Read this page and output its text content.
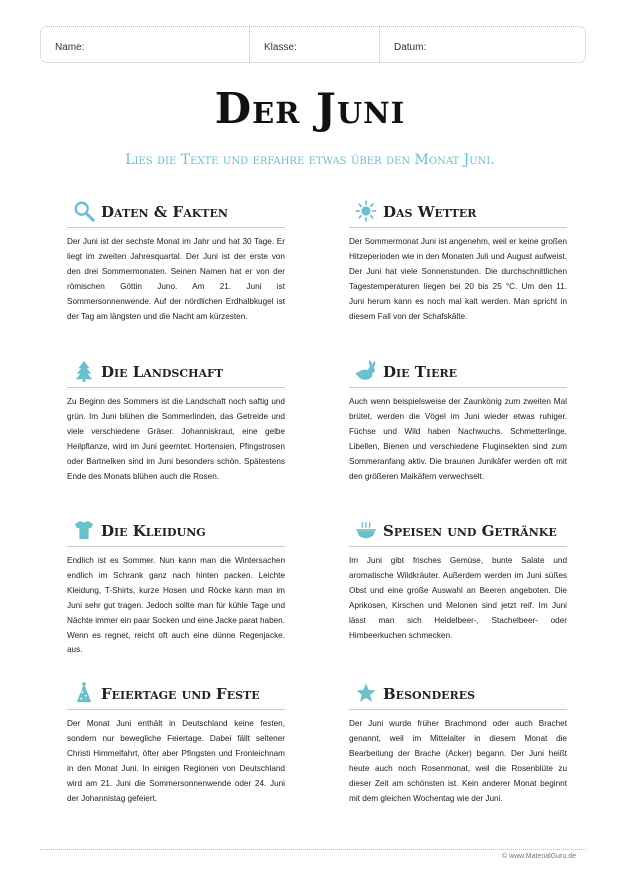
Name:	Klasse:	Datum:
Der Juni
Lies die Texte und erfahre etwas über den Monat Juni.
Daten & Fakten

Der Juni ist der sechste Monat im Jahr und hat 30 Tage. Er liegt im zweiten Jahresquartal. Der Juni ist der erste von den drei Sommermonaten. Seinen Namen hat er von der römischen Göttin Juno. Am 21. Juni ist Sommersonnenwende. Auf der nördlichen Erdhalbkugel ist der Tag am längsten und die Nacht am kürzesten.

Das Wetter

Der Sommermonat Juni ist angenehm, weil er keine großen Hitzeperioden wie in den Monaten Juli und August aufweist. Der Juni hat viele Sonnenstunden. Die durchschnittlichen Tagestemperaturen liegen bei 20 bis 25 °C. Um den 11. Juni herum kann es noch mal kalt werden. Man spricht in diesem Fall von der Schafskälte.

Die Landschaft

Zu Beginn des Sommers ist die Landschaft noch saftig und grün. Im Juni blühen die Sommerlinden, das Getreide und viele verschiedene Gräser. Johanniskraut, eine gelbe Heilpflanze, wird im Juni geerntet. Hortensien, Pfingstrosen oder Bartnelken sind im Juni besonders schön. Spätestens Ende des Monats blühen auch die Rosen.

Die Tiere

Auch wenn beispielsweise der Zaunkönig zum zweiten Mal brütet, werden die Vögel im Juni wieder etwas ruhiger. Füchse und Wild haben Nachwuchs. Schmetterlinge, Libellen, Bienen und verschiedene Fluginsekten sind zum Sommeranfang aktiv. Die braunen Junikäfer werden oft mit den größeren Maikäfern verwechselt.

Die Kleidung

Endlich ist es Sommer. Nun kann man die Wintersachen endlich im Schrank ganz nach hinten packen. Leichte Kleidung, T-Shirts, kurze Hosen und Röcke kann man im Juni sehr gut tragen. Jedoch sollte man für kühle Tage und Nächte immer ein paar Socken und eine Jacke parat haben. Wenn es regnet, reicht oft auch eine dünne Regenjacke. aus.

Speisen und Getränke

Im Juni gibt frisches Gemüse, bunte Salate und aromatische Wildkräuter. Außerdem werden im Juni süßes Obst und eine große Auswahl an Beeren angeboten. Die Aprikosen, Kirschen und Melonen sind jetzt reif. Im Juni lässt man sich Heidelbeer-, Stachelbeer- oder Himbeerkuchen schmecken.

Feiertage und Feste

Der Monat Juni enthält in Deutschland keine festen, sondern nur bewegliche Feiertage. Dabei fällt seltener Christi Himmelfahrt, öfter aber Pfingsten und Fronleichnam in den Monat Juni. In einigen Regionen von Deutschland wird am 21. Juni die Sommersonnenwende oder 24. Juni der Johannistag gefeiert.

Besonderes

Der Juni wurde früher Brachmond oder auch Brachet genannt, weil im Mittelalter in diesem Monat die Bearbeitung der Brache (Acker) begann. Der Juni heißt heute auch noch Rosenmonat, weil die Rosenblüte zu dieser Zeit am schönsten ist. Kein anderer Monat beginnt mit dem gleichen Wochentag wie der Juni.

© www.MaterialGuru.de
